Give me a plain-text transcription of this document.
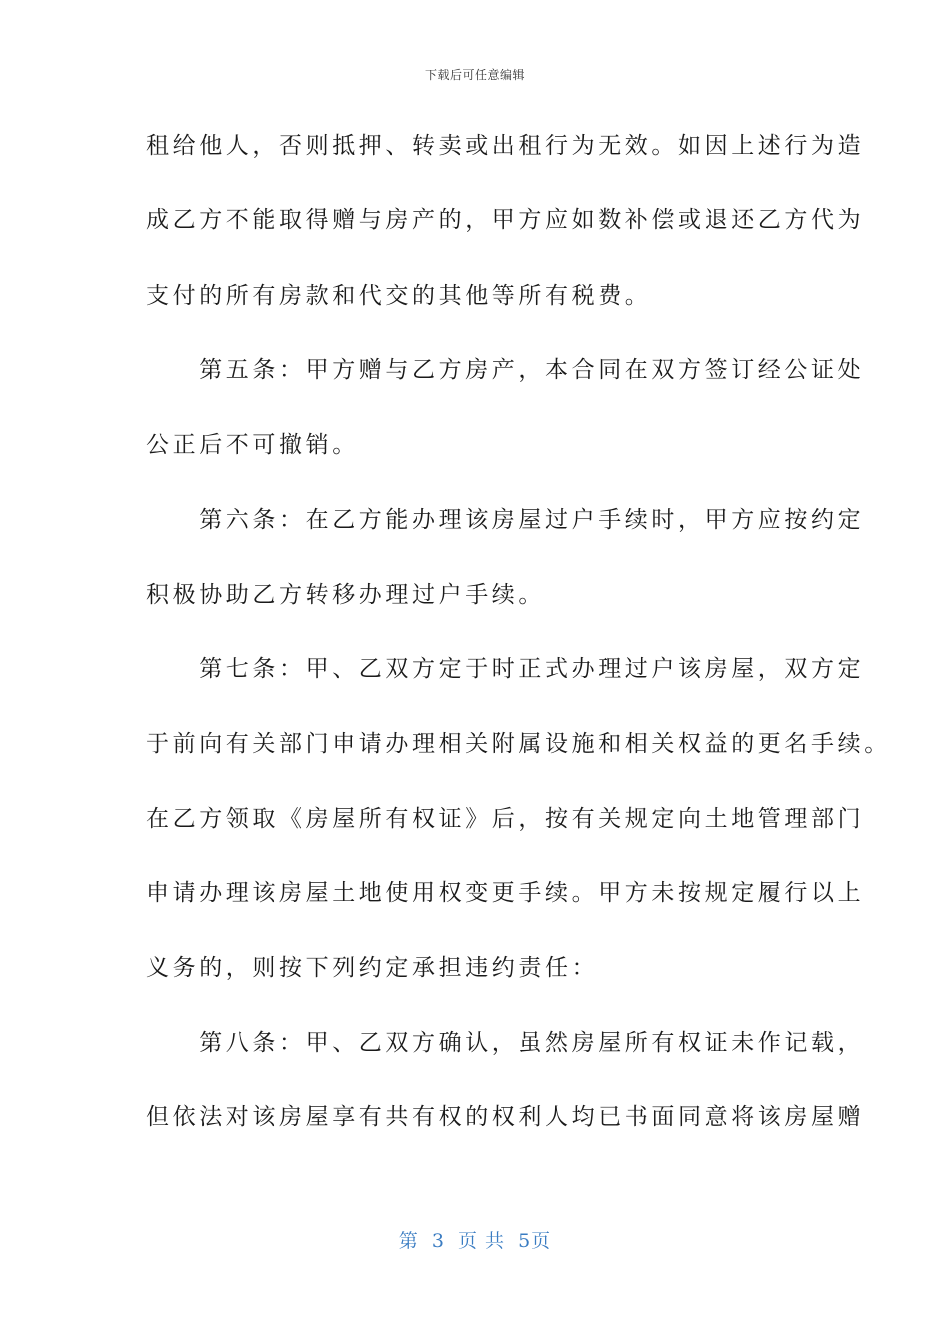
下载后可任意编辑
租给他人，否则抵押、转卖或出租行为无效。如因上述行为造
成乙方不能取得赠与房产的，甲方应如数补偿或退还乙方代为
支付的所有房款和代交的其他等所有税费。
　　第五条：甲方赠与乙方房产，本合同在双方签订经公证处
公正后不可撤销。
　　第六条：在乙方能办理该房屋过户手续时，甲方应按约定
积极协助乙方转移办理过户手续。
　　第七条：甲、乙双方定于时正式办理过户该房屋，双方定
于前向有关部门申请办理相关附属设施和相关权益的更名手续。
在乙方领取《房屋所有权证》后，按有关规定向土地管理部门
申请办理该房屋土地使用权变更手续。甲方未按规定履行以上
义务的，则按下列约定承担违约责任：
　　第八条：甲、乙双方确认，虽然房屋所有权证未作记载，
但依法对该房屋享有共有权的权利人均已书面同意将该房屋赠
第 3 页 共 5页
